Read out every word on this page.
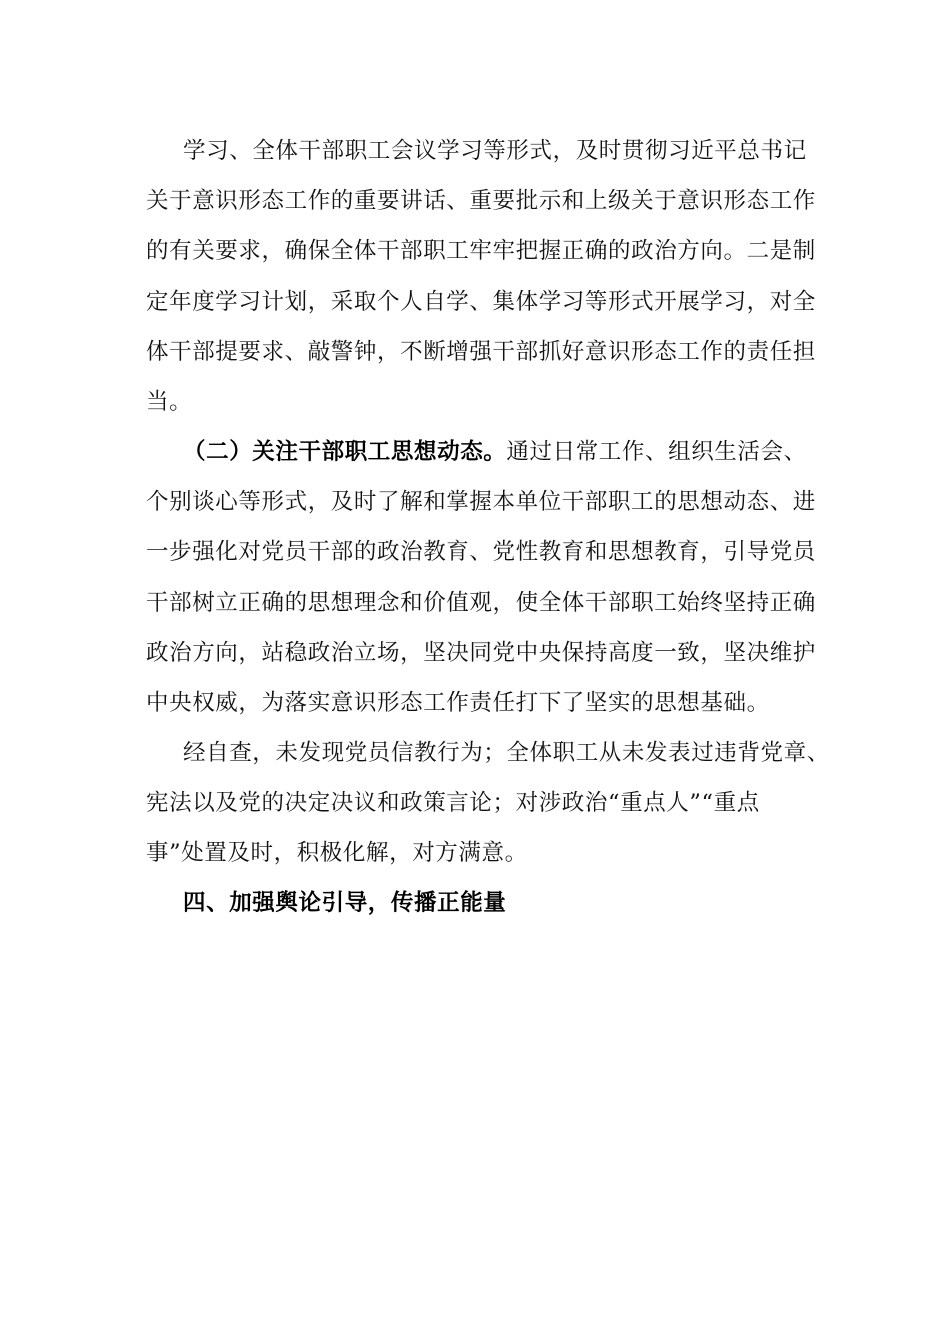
学习、全体干部职工会议学习等形式，及时贯彻习近平总书记
关于意识形态工作的重要讲话、重要批示和上级关于意识形态工作
的有关要求，确保全体干部职工牢牢把握正确的政治方向。二是制
定年度学习计划，采取个人自学、集体学习等形式开展学习，对全
体干部提要求、敲警钟，不断增强干部抓好意识形态工作的责任担
当。
（二）关注干部职工思想动态。通过日常工作、组织生活会、
个别谈心等形式，及时了解和掌握本单位干部职工的思想动态、进
一步强化对党员干部的政治教育、党性教育和思想教育，引导党员
干部树立正确的思想理念和价值观，使全体干部职工始终坚持正确
政治方向，站稳政治立场，坚决同党中央保持高度一致，坚决维护
中央权威，为落实意识形态工作责任打下了坚实的思想基础。
经自查，未发现党员信教行为；全体职工从未发表过违背党章、
宪法以及党的决定决议和政策言论；对涉政治“重点人”“重点
事”处置及时，积极化解，对方满意。
四、加强舆论引导，传播正能量
